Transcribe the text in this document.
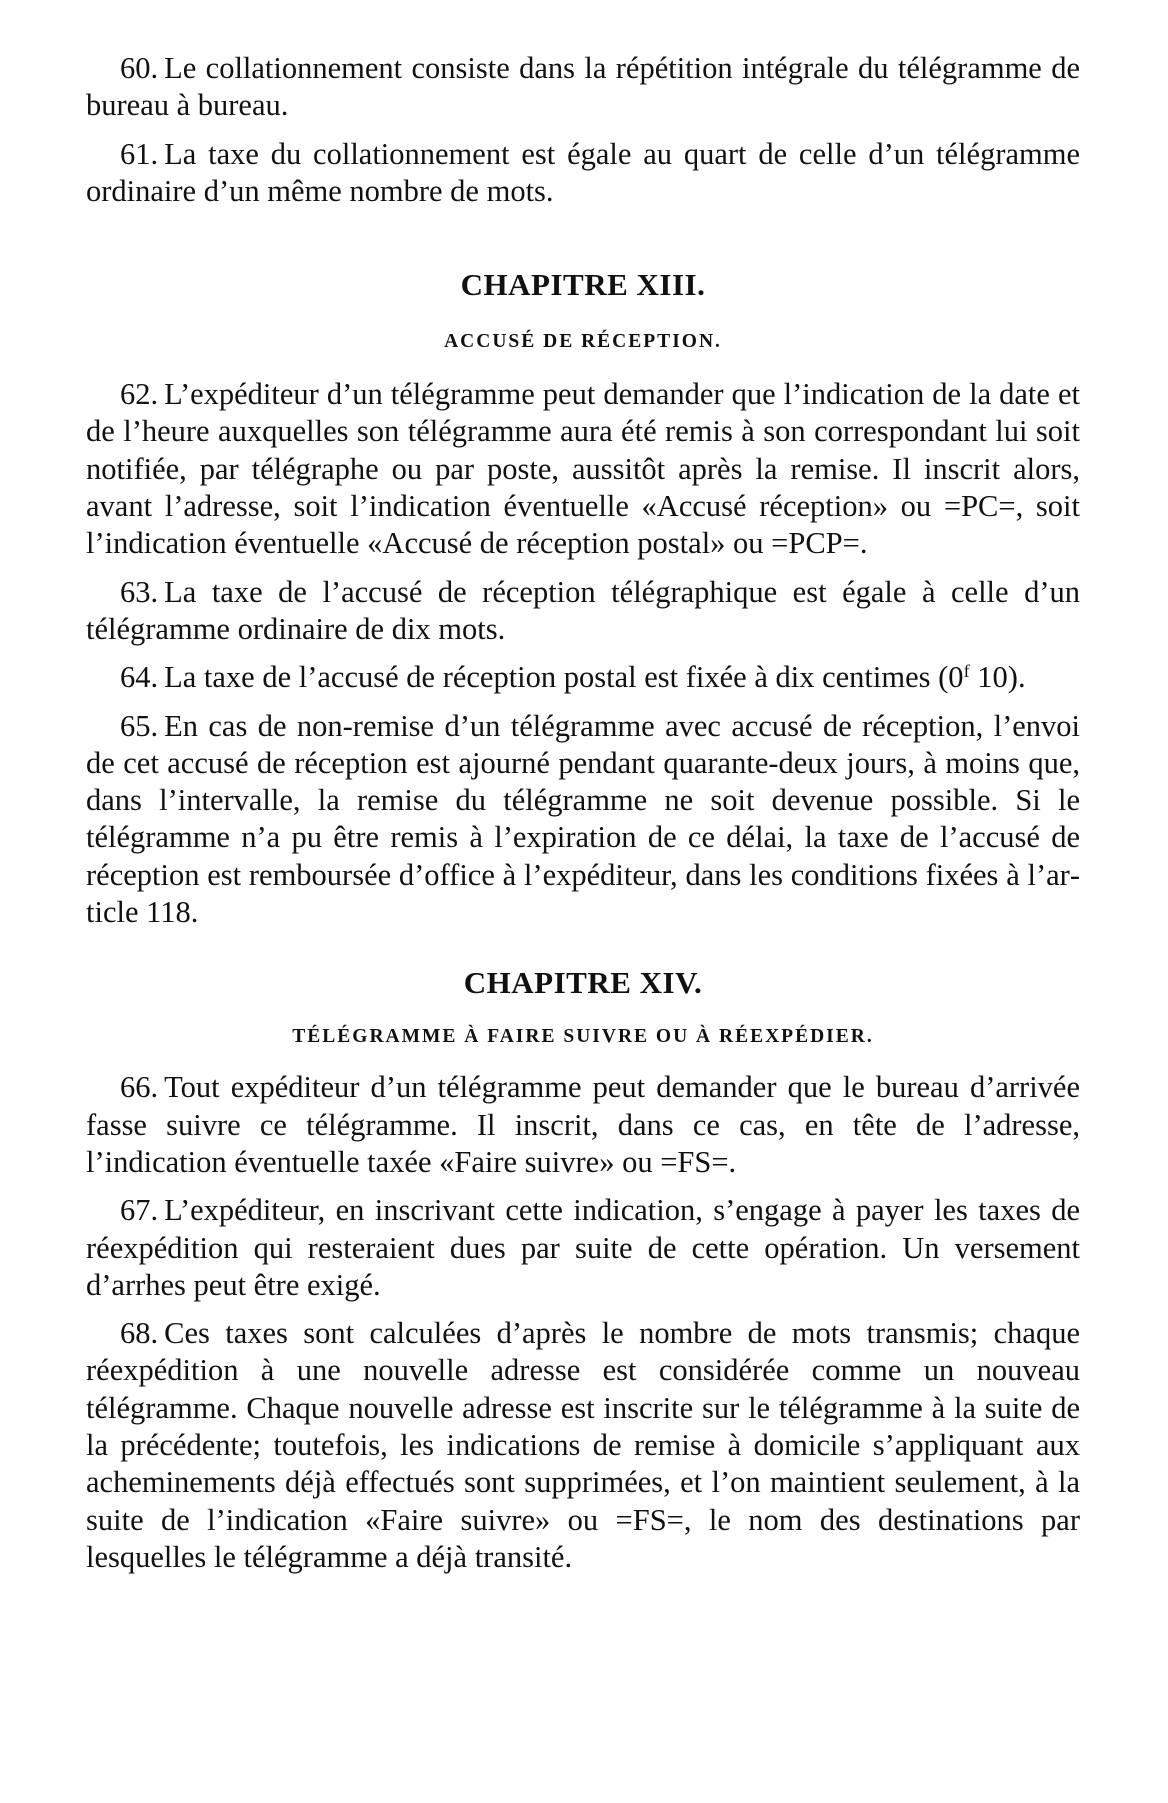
60. Le collationnement consiste dans la répétition intégrale du télégramme de bureau à bureau.

61. La taxe du collationnement est égale au quart de celle d’un télégramme ordinaire d’un même nombre de mots.

CHAPITRE XIII.
ACCUSÉ DE RÉCEPTION.

62. L’expéditeur d’un télégramme peut demander que l’indication de la date et de l’heure auxquelles son télégramme aura été remis à son correspondant lui soit notifiée, par télégraphe ou par poste, aussitôt après la remise. Il inscrit alors, avant l’adresse, soit l’indication éventuelle «Accusé réception» ou =PC=, soit l’indication éventuelle «Accusé de réception postal» ou =PCP=.

63. La taxe de l’accusé de réception télégraphique est égale à celle d’un télégramme ordinaire de dix mots.

64. La taxe de l’accusé de réception postal est fixée à dix centimes (0$^f$ 10).

65. En cas de non-remise d’un télégramme avec accusé de réception, l’envoi de cet accusé de réception est ajourné pendant quarante-deux jours, à moins que, dans l’intervalle, la remise du télégramme ne soit devenue possible. Si le télégramme n’a pu être remis à l’expiration de ce délai, la taxe de l’accusé de réception est remboursée d’office à l’expéditeur, dans les conditions fixées à l’article 118.

CHAPITRE XIV.
TÉLÉGRAMME À FAIRE SUIVRE OU À RÉEXPÉDIER.

66. Tout expéditeur d’un télégramme peut demander que le bureau d’arrivée fasse suivre ce télégramme. Il inscrit, dans ce cas, en tête de l’adresse, l’indication éventuelle taxée «Faire suivre» ou =FS=.

67. L’expéditeur, en inscrivant cette indication, s’engage à payer les taxes de réexpédition qui resteraient dues par suite de cette opération. Un versement d’arrhes peut être exigé.

68. Ces taxes sont calculées d’après le nombre de mots transmis; chaque réexpédition à une nouvelle adresse est considérée comme un nouveau télégramme. Chaque nouvelle adresse est inscrite sur le télégramme à la suite de la précédente; toutefois, les indications de remise à domicile s’appliquant aux acheminements déjà effectués sont supprimées, et l’on maintient seulement, à la suite de l’indication «Faire suivre» ou =FS=, le nom des destinations par lesquelles le télégramme a déjà transité.
